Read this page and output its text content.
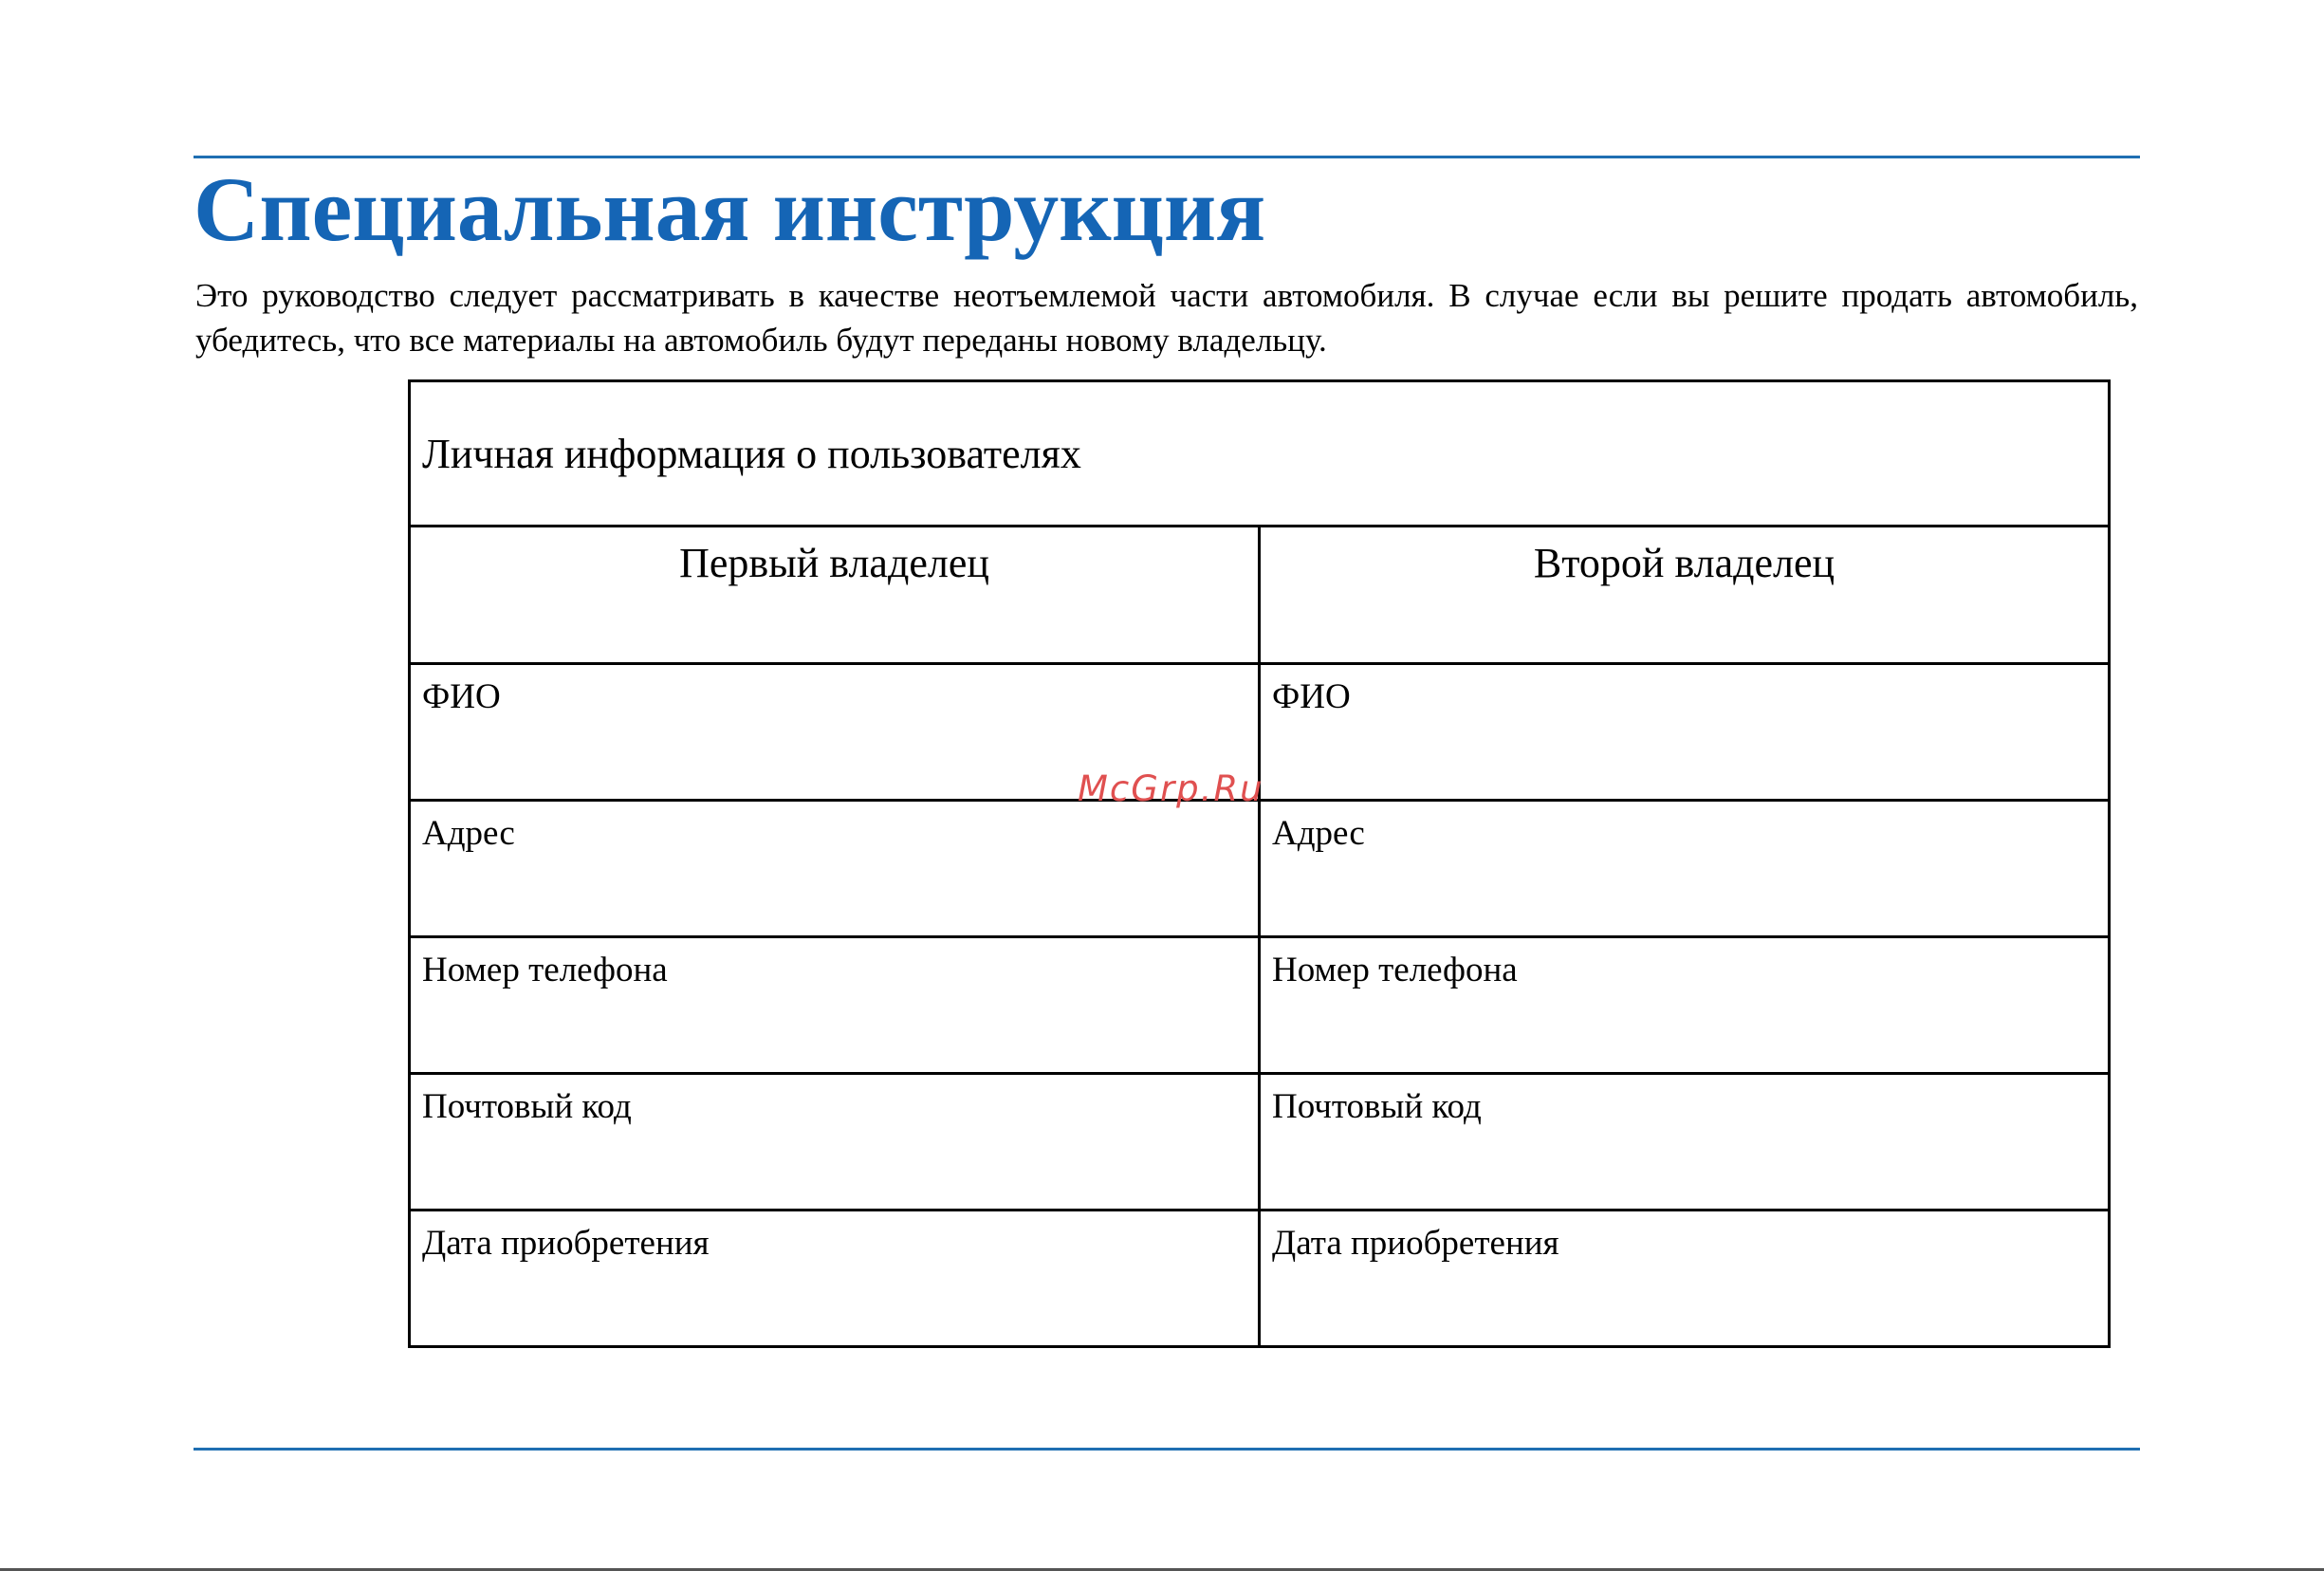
Специальная инструкция

Это руководство следует рассматривать в качестве неотъемлемой части автомобиля. В случае если вы решите продать автомобиль, убедитесь, что все материалы на автомобиль будут переданы новому владельцу.

Личная информация о пользователях	
Первый владелец	Второй владелец
ФИО	ФИО
Адрес	Адрес
Номер телефона	Номер телефона
Почтовый код	Почтовый код
Дата приобретения	Дата приобретения
McGrp.Ru
